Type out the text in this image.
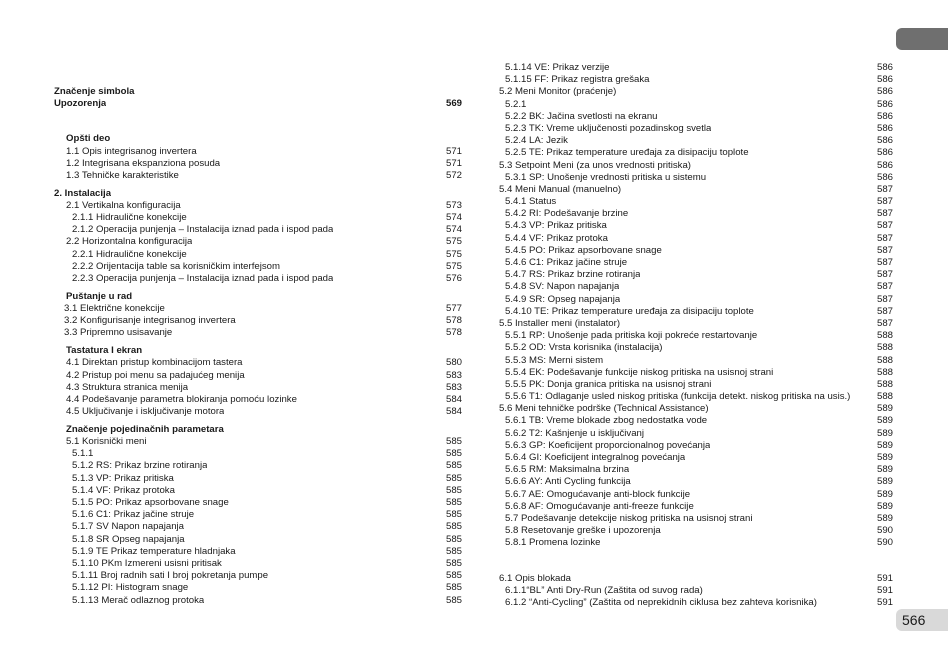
Značenje simbola
Upozorenja	569
Opšti deo
1.1 Opis integrisanog invertera	571
1.2 Integrisana ekspanziona posuda	571
1.3 Tehničke karakteristike	572
2. Instalacija
2.1 Vertikalna konfiguracija	573
2.1.1 Hidraulične konekcije	574
2.1.2 Operacija punjenja – Instalacija iznad pada i ispod pada	574
2.2 Horizontalna konfiguracija	575
2.2.1 Hidraulične konekcije	575
2.2.2 Orijentacija table sa korisničkim interfejsom	575
2.2.3 Operacija punjenja – Instalacija iznad pada i ispod pada	576
Puštanje u rad
3.1 Električne konekcije	577
3.2 Konfigurisanje integrisanog invertera	578
3.3 Pripremno usisavanje	578
Tastatura I ekran
4.1 Direktan pristup kombinacijom tastera	580
4.2 Pristup poi menu sa padajućeg menija	583
4.3 Struktura stranica menija	583
4.4 Podešavanje parametra blokiranja pomoću lozinke	584
4.5 Uključivanje i isključivanje motora	584
Značenje pojedinačnih parametara
5.1 Korisnički meni	585
5.1.1	585
5.1.2 RS: Prikaz brzine rotiranja	585
5.1.3 VP: Prikaz pritiska	585
5.1.4 VF: Prikaz protoka	585
5.1.5 PO: Prikaz apsorbovane snage	585
5.1.6 C1: Prikaz jačine struje	585
5.1.7 SV Napon napajanja	585
5.1.8 SR Opseg napajanja	585
5.1.9 TE Prikaz temperature hladnjaka	585
5.1.10 PKm Izmereni usisni pritisak	585
5.1.11 Broj radnih sati I broj pokretanja pumpe	585
5.1.12 PI: Histogram snage	585
5.1.13 Merač odlaznog protoka	585
5.1.14 VE: Prikaz verzije	586
5.1.15 FF: Prikaz registra grešaka	586
5.2 Meni Monitor (praćenje)	586
5.2.1	586
5.2.2 BK: Jačina svetlosti na ekranu	586
5.2.3 TK: Vreme uključenosti pozadinskog svetla	586
5.2.4 LA: Jezik	586
5.2.5 TE: Prikaz temperature uređaja za disipaciju toplote	586
5.3 Setpoint Meni (za unos vrednosti pritiska)	586
5.3.1 SP: Unošenje vrednosti pritiska u sistemu	586
5.4 Meni Manual (manuelno)	587
5.4.1 Status	587
5.4.2 RI: Podešavanje brzine	587
5.4.3 VP: Prikaz pritiska	587
5.4.4 VF: Prikaz protoka	587
5.4.5 PO: Prikaz apsorbovane snage	587
5.4.6 C1: Prikaz jačine struje	587
5.4.7 RS: Prikaz brzine rotiranja	587
5.4.8 SV: Napon napajanja	587
5.4.9 SR: Opseg napajanja	587
5.4.10 TE: Prikaz temperature uređaja za disipaciju toplote	587
5.5 Installer meni (instalator)	587
5.5.1 RP: Unošenje pada pritiska koji pokreće restartovanje	588
5.5.2 OD: Vrsta korisnika (instalacija)	588
5.5.3 MS: Merni sistem	588
5.5.4 EK: Podešavanje funkcije niskog pritiska na usisnoj strani	588
5.5.5 PK: Donja granica pritiska na usisnoj strani	588
5.5.6 T1: Odlaganje usled niskog pritiska (funkcija detekt. niskog pritiska na usis.)	588
5.6 Meni tehničke podrške (Technical Assistance)	589
5.6.1 TB: Vreme blokade zbog nedostatka vode	589
5.6.2 T2: Kašnjenje u isključivanj	589
5.6.3 GP: Koeficijent proporcionalnog povećanja	589
5.6.4 GI: Koeficijent integralnog povećanja	589
5.6.5 RM: Maksimalna brzina	589
5.6.6 AY: Anti Cycling funkcija	589
5.6.7 AE: Omogućavanje anti-block funkcije	589
5.6.8 AF: Omogućavanje anti-freeze funkcije	589
5.7 Podešavanje detekcije niskog pritiska na usisnoj strani	589
5.8 Resetovanje greške i upozorenja	590
5.8.1 Promena lozinke	590
6.1 Opis blokada	591
6.1.1“BL” Anti Dry-Run (Zaštita od suvog rada)	591
6.1.2 “Anti-Cycling” (Zaštita od neprekidnih ciklusa bez zahteva korisnika)	591
566
